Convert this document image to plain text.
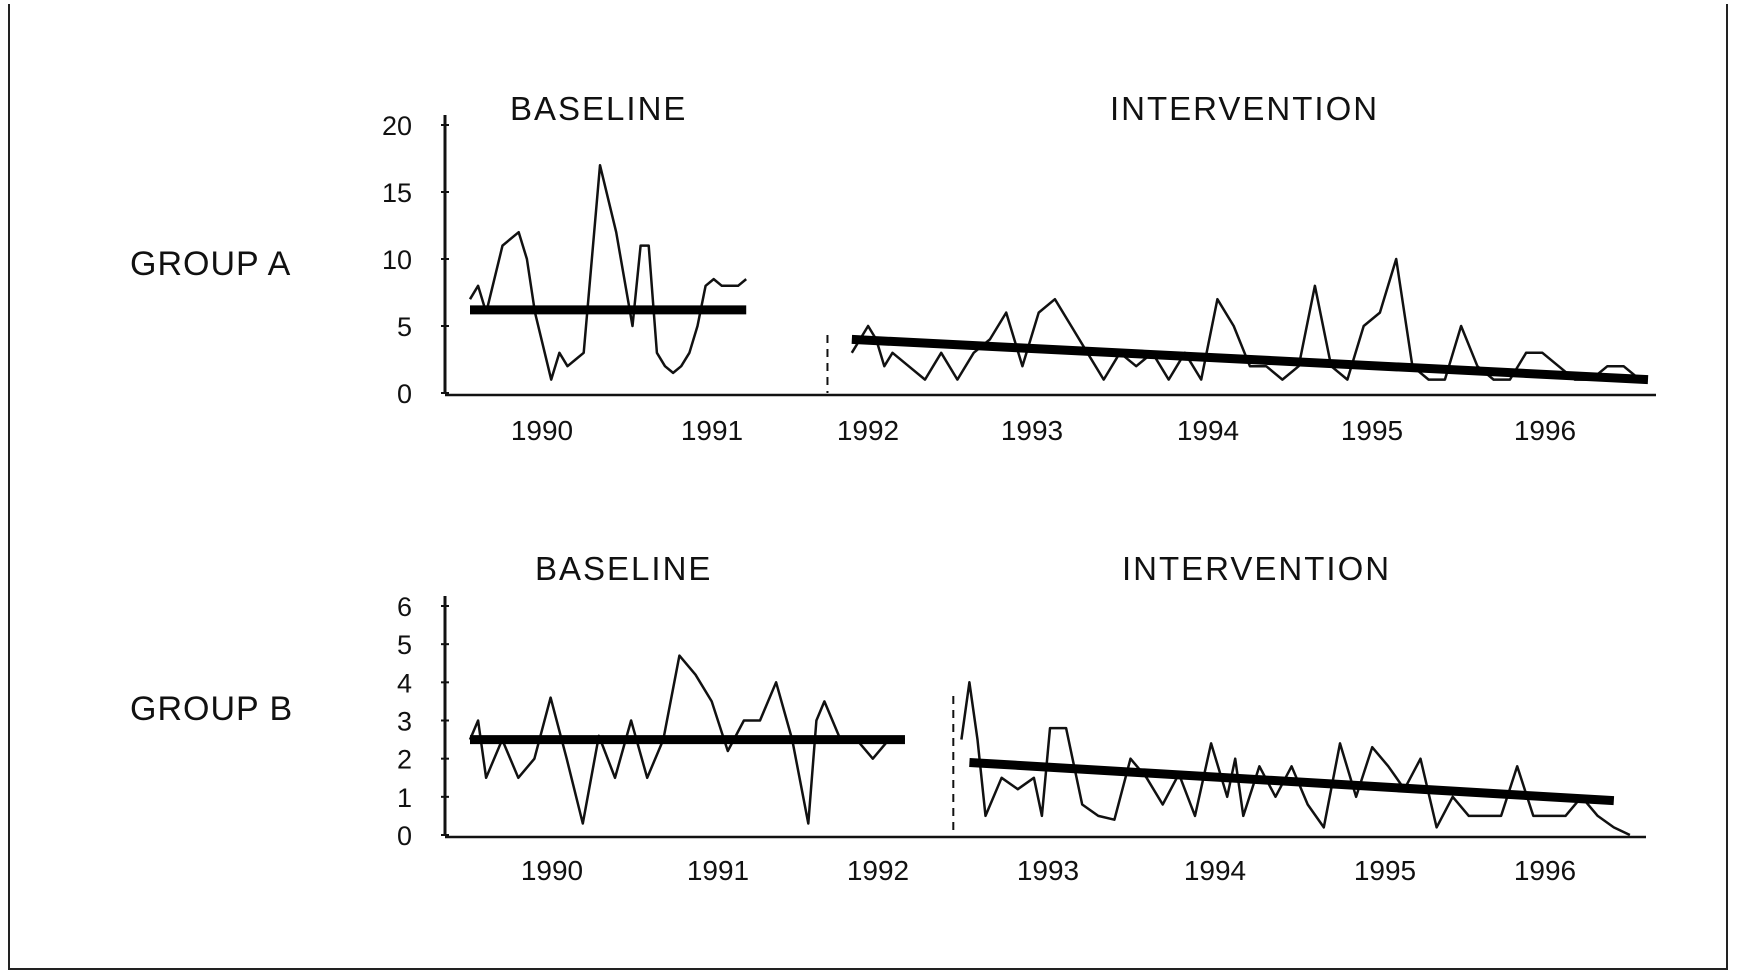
0
5
10
15
20
1990	1991	1992	1993	1994	1995	1996
0
1
2
3
4
5
6
1990	1991	1992	1993	1994	1995	1996
GROUP A
BASELINE	INTERVENTION
GROUP B
BASELINE	INTERVENTION
